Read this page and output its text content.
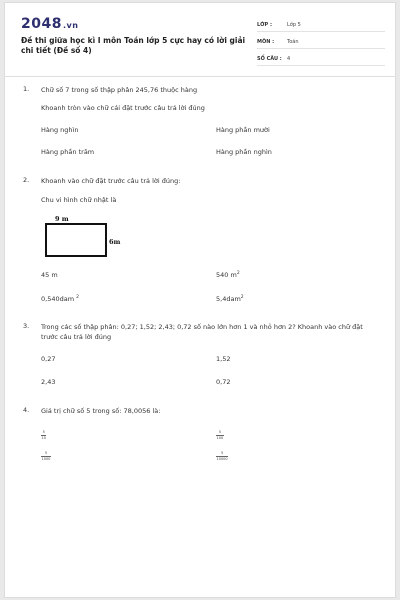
2048.vn
Đề thi giữa học kì I môn Toán lớp 5 cực hay có lời giải chi tiết (Đề số 4)
LỚP :	Lớp 5
MÔN :	Toán
SỐ CÂU :	4
1. Chữ số 7 trong số thập phân 245,76 thuộc hàng
Khoanh tròn vào chữ cái đặt trước câu trả lời đúng
Hàng nghìn	Hàng phần mười
Hàng phần trăm	Hàng phần nghìn
2. Khoanh vào chữ đặt trước câu trả lời đúng:
Chu vi hình chữ nhật là
9 m
6m
45 m	540 $m^2$
0,540dam $^2$	5,4dam$^2$
3. Trong các số thập phân: 0,27; 1,52; 2,43; 0,72 số nào lớn hơn 1 và nhỏ hơn 2? Khoanh vào chữ đặt trước câu trả lời đúng
0,27	1,52
2,43	0,72
4. Giá trị chữ số 5 trong số: 78,0056 là:
$\frac{5}{10}$	$\frac{5}{100}$
$\frac{5}{1000}$	$\frac{5}{10000}$
